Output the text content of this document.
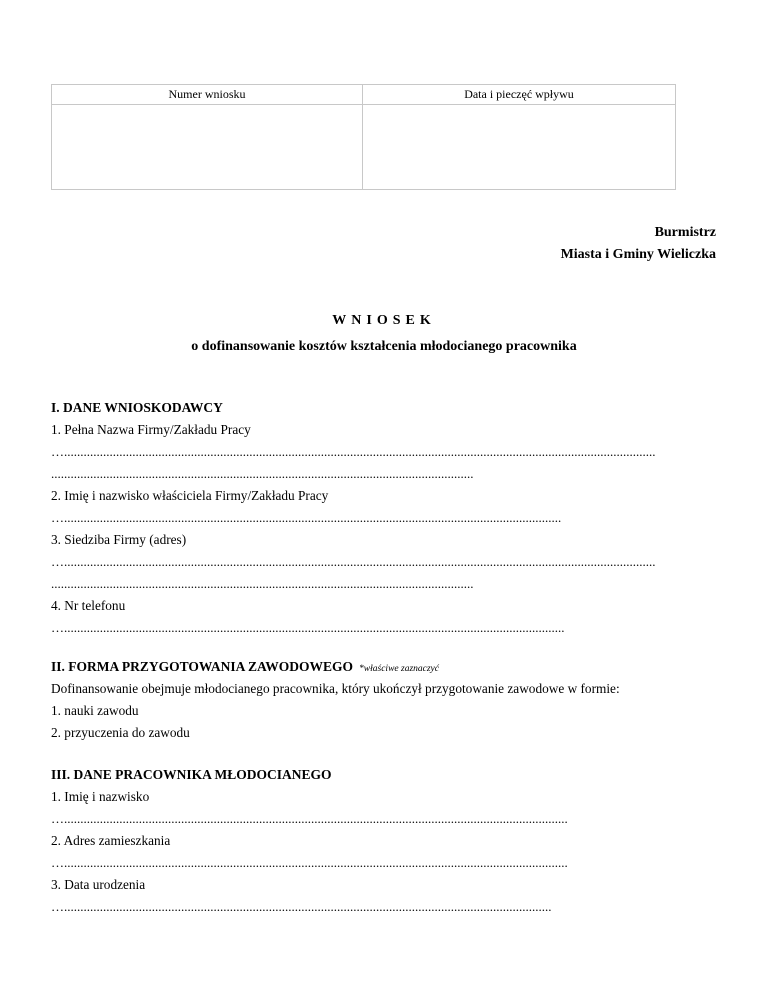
Numer wniosku	Data i pieczęć wpływu

Burmistrz
Miasta i Gminy Wieliczka
WNIOSEK
o dofinansowanie kosztów kształcenia młodocianego pracownika
I. DANE WNIOSKODAWCY
1. Pełna Nazwa Firmy/Zakładu Pracy
…......................................................................................................................................................................................
..................................................................................................................................
2. Imię i nazwisko właściciela Firmy/Zakładu Pracy
….........................................................................................................................................................
3. Siedziba Firmy (adres)
…......................................................................................................................................................................................
..................................................................................................................................
4. Nr telefonu
…..........................................................................................................................................................
II. FORMA PRZYGOTOWANIA ZAWODOWEGO *właściwe zaznaczyć
Dofinansowanie obejmuje młodocianego pracownika, który ukończył przygotowanie zawodowe w formie:
1. nauki zawodu
2. przyuczenia do zawodu
III. DANE PRACOWNIKA MŁODOCIANEGO
1. Imię i nazwisko
…...........................................................................................................................................................
2. Adres zamieszkania
…...........................................................................................................................................................
3. Data urodzenia
…......................................................................................................................................................
